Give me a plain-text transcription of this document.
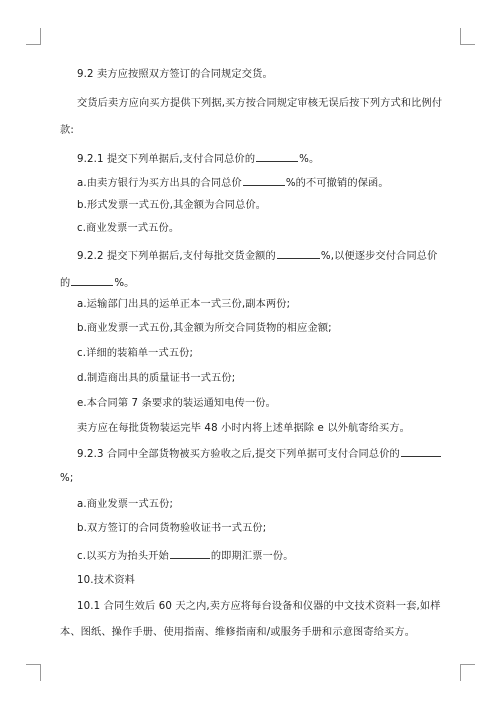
9.2 卖方应按照双方签订的合同规定交货。
交货后卖方应向买方提供下列据,买方按合同规定审核无误后按下列方式和比例付
款:
9.2.1 提交下列单据后,支付合同总价的	%。
a.由卖方银行为买方出具的合同总价	%的不可撤销的保函。
b.形式发票一式五份,其金额为合同总价。
c.商业发票一式五份。
9.2.2 提交下列单据后,支付每批交货金额的	%,以便逐步交付合同总价
的	%。
a.运输部门出具的运单正本一式三份,副本两份;
b.商业发票一式五份,其金额为所交合同货物的相应金额;
c.详细的装箱单一式五份;
d.制造商出具的质量证书一式五份;
e.本合同第 7 条要求的装运通知电传一份。
卖方应在每批货物装运完毕 48 小时内将上述单据除 e 以外航寄给买方。
9.2.3 合同中全部货物被买方验收之后,提交下列单据可支付合同总价的
%;
a.商业发票一式五份;
b.双方签订的合同货物验收证书一式五份;
c.以买方为抬头开始	的即期汇票一份。
10.技术资料
10.1 合同生效后 60 天之内,卖方应将每台设备和仪器的中文技术资料一套,如样
本、图纸、操作手册、使用指南、维修指南和/或服务手册和示意图寄给买方。
